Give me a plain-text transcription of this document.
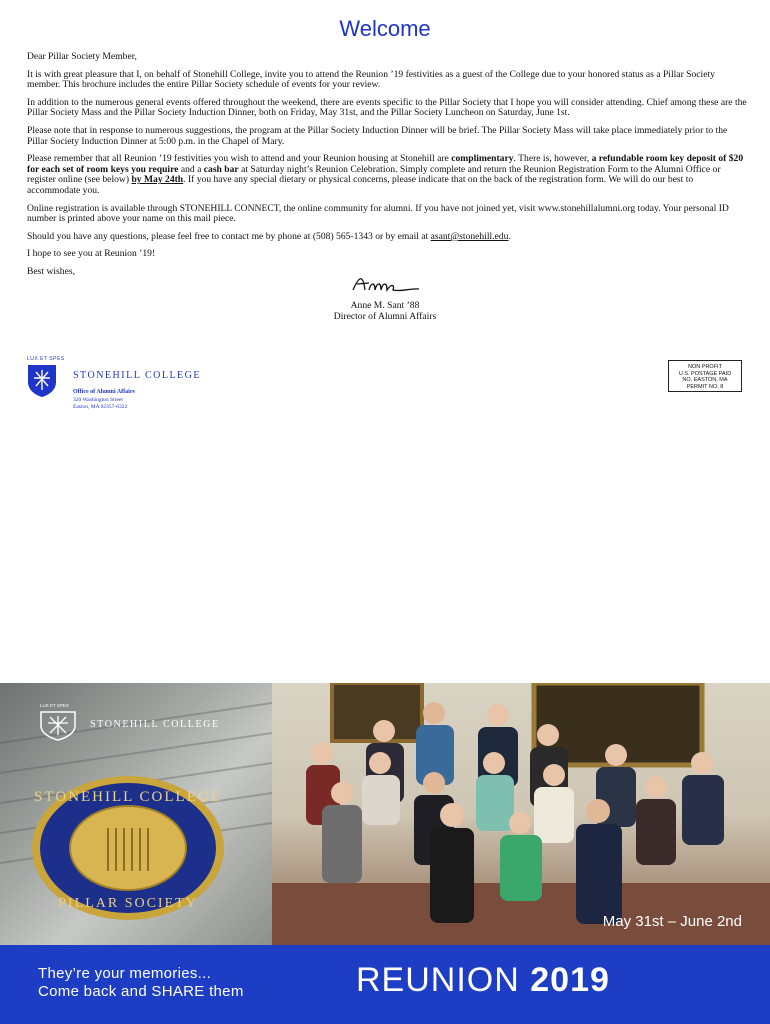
Welcome

Dear Pillar Society Member,

It is with great pleasure that I, on behalf of Stonehill College, invite you to attend the Reunion ’19 festivities as a guest of the College due to your honored status as a Pillar Society member. This brochure includes the entire Pillar Society schedule of events for your review.

In addition to the numerous general events offered throughout the weekend, there are events specific to the Pillar Society that I hope you will consider attending. Chief among these are the Pillar Society Mass and the Pillar Society Induction Dinner, both on Friday, May 31st, and the Pillar Society Luncheon on Saturday, June 1st.

Please note that in response to numerous suggestions, the program at the Pillar Society Induction Dinner will be brief. The Pillar Society Mass will take place immediately prior to the Pillar Society Induction Dinner at 5:00 p.m. in the Chapel of Mary.

Please remember that all Reunion ’19 festivities you wish to attend and your Reunion housing at Stonehill are complimentary. There is, however, a refundable room key deposit of $20 for each set of room keys you require and a cash bar at Saturday night’s Reunion Celebration. Simply complete and return the Reunion Registration Form to the Alumni Office or register online (see below) by May 24th. If you have any special dietary or physical concerns, please indicate that on the back of the registration form. We will do our best to accommodate you.

Online registration is available through STONEHILL CONNECT, the online community for alumni. If you have not joined yet, visit www.stonehillalumni.org today. Your personal ID number is printed above your name on this mail piece.

Should you have any questions, please feel free to contact me by phone at (508) 565-1343 or by email at asant@stonehill.edu.

I hope to see you at Reunion ’19!

Best wishes,

Anne M. Sant ’88
Director of Alumni Affairs
LUX ET SPES
STONEHILL COLLEGE
Office of Alumni Affairs
320 Washington Street
Easton, MA 02357-6322
NON PROFIT
U.S. POSTAGE PAID
NO. EASTON, MA
PERMIT NO. 8
LUX ET SPES
STONEHILL COLLEGE
STONEHILL COLLEGE
PILLAR SOCIETY
May 31st – June 2nd
They’re your memories...
Come back and SHARE them	REUNION 2019
